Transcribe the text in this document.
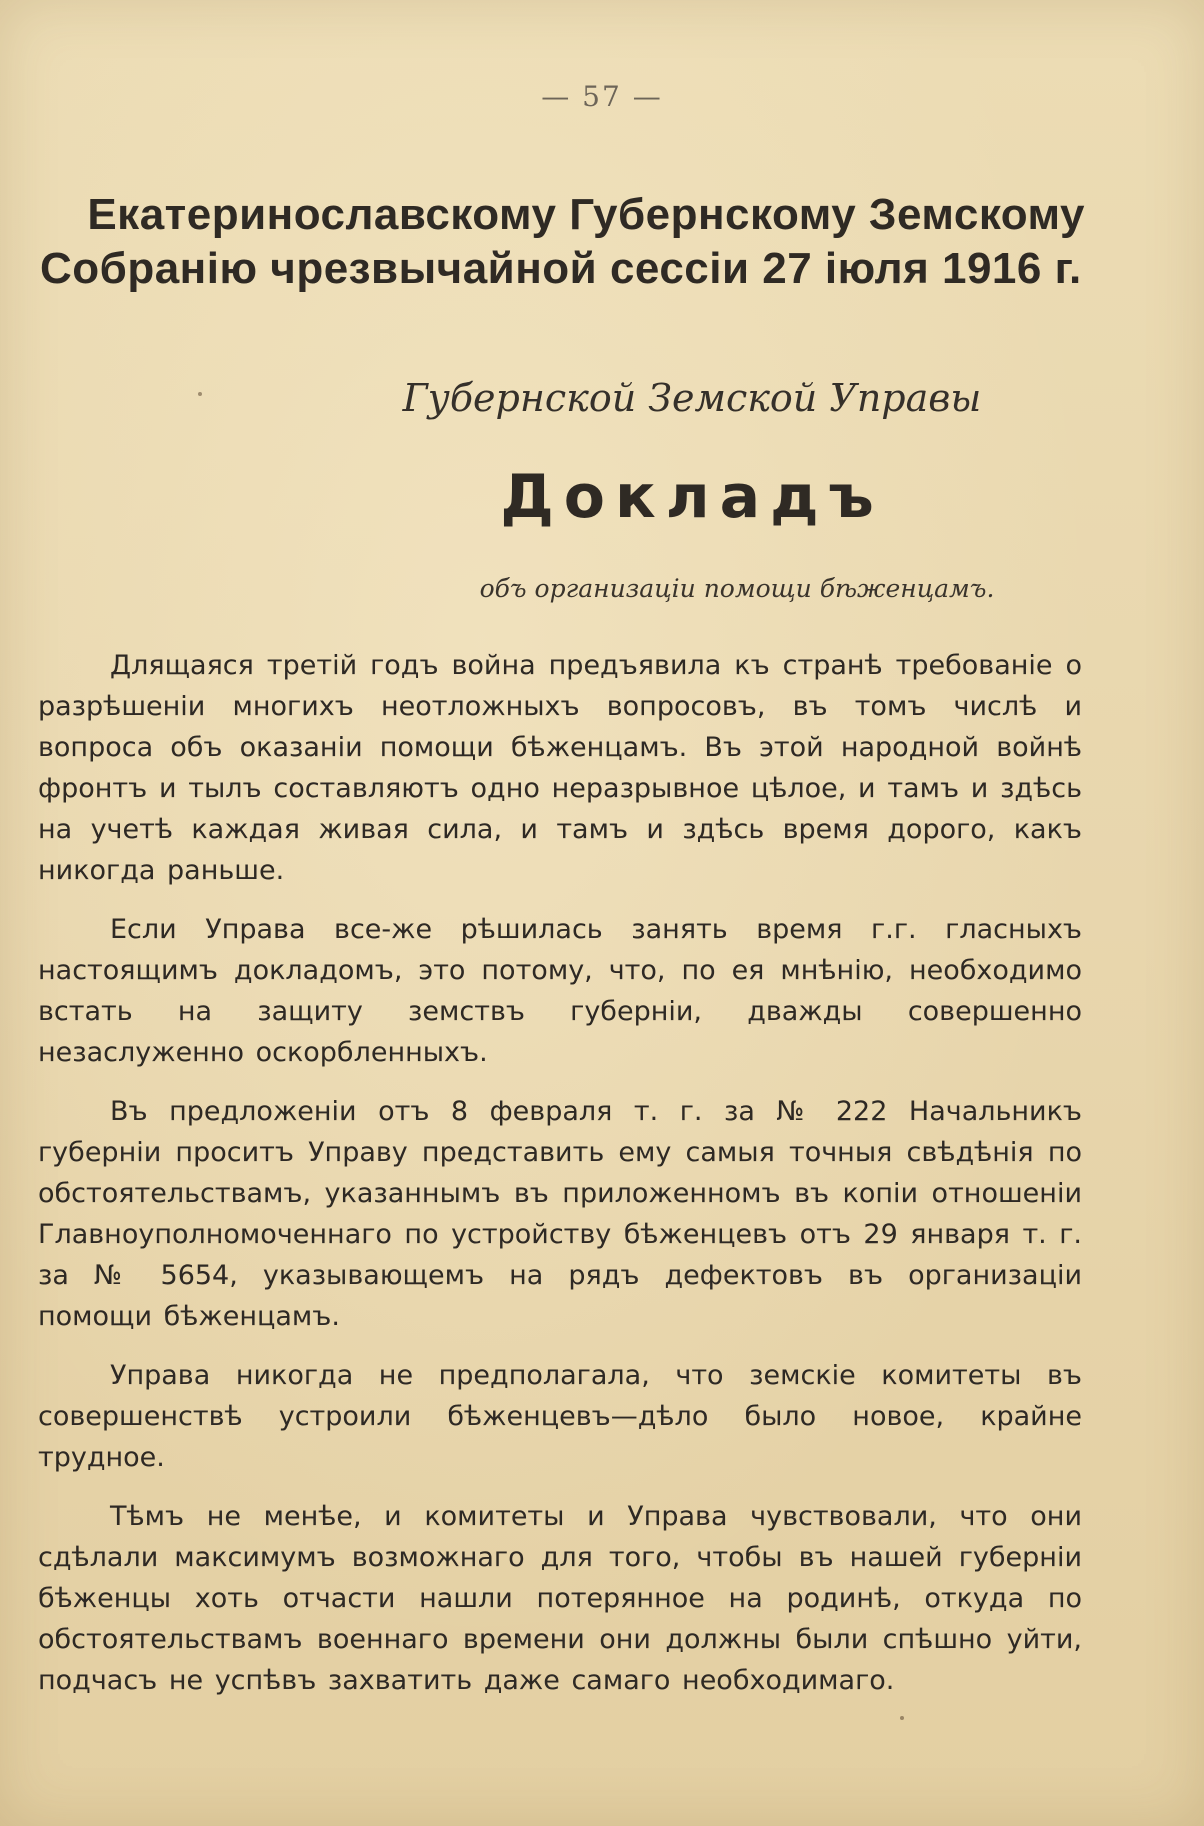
— 57 —
Екатеринославскому Губернскому Земскому
Собранію чрезвычайной сессіи 27 іюля 1916 г.
Губернской Земской Управы
Докладъ
объ организаціи помощи бѣженцамъ.

Длящаяся третій годъ война предъявила къ странѣ требованіе о разрѣшеніи многихъ неотложныхъ вопросовъ, въ томъ числѣ и вопроса объ оказаніи помощи бѣженцамъ. Въ этой народной войнѣ фронтъ и тылъ составляютъ одно неразрывное цѣлое, и тамъ и здѣсь на учетѣ каждая живая сила, и тамъ и здѣсь время дорого, какъ никогда раньше.

Если Управа все-же рѣшилась занять время г.г. гласныхъ настоящимъ докладомъ, это потому, что, по ея мнѣнію, необходимо встать на защиту земствъ губерніи, дважды совершенно незаслуженно оскорбленныхъ.

Въ предложеніи отъ 8 февраля т. г. за № 222 Начальникъ губерніи проситъ Управу представить ему самыя точныя свѣдѣнія по обстоятельствамъ, указаннымъ въ приложенномъ въ копіи отношеніи Главноуполномоченнаго по устройству бѣженцевъ отъ 29 января т. г. за № 5654, указывающемъ на рядъ дефектовъ въ организаціи помощи бѣженцамъ.

Управа никогда не предполагала, что земскіе комитеты въ совершенствѣ устроили бѣженцевъ—дѣло было новое, крайне трудное.

Тѣмъ не менѣе, и комитеты и Управа чувствовали, что они сдѣлали максимумъ возможнаго для того, чтобы въ нашей губерніи бѣженцы хоть отчасти нашли потерянное на родинѣ, откуда по обстоятельствамъ военнаго времени они должны были спѣшно уйти, подчасъ не успѣвъ захватить даже самаго необходимаго.
